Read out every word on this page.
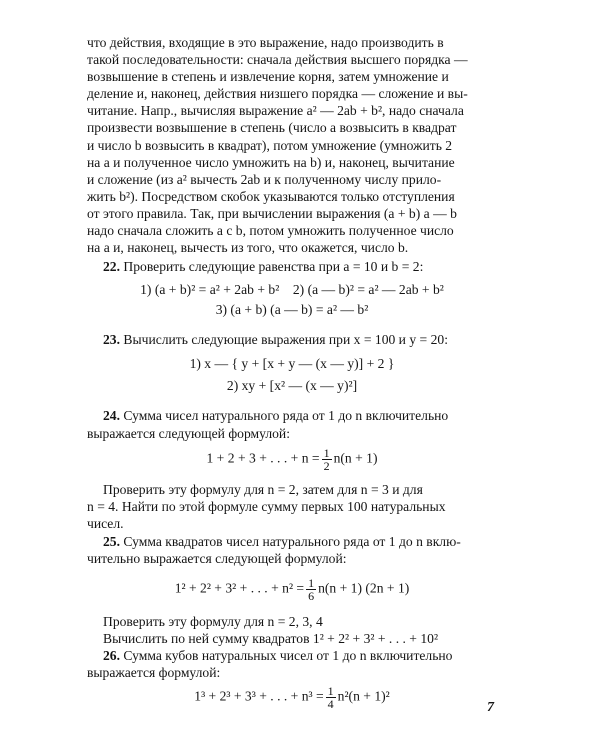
что действия, входящие в это выражение, надо производить в

такой последовательности: сначала действия высшего порядка —

возвышение в степень и извлечение корня, затем умножение и

деление и, наконец, действия низшего порядка — сложение и вы-

читание. Напр., вычисляя выражение a² — 2ab + b², надо сначала

произвести возвышение в степень (число a возвысить в квадрат

и число b возвысить в квадрат), потом умножение (умножить 2

на a и полученное число умножить на b) и, наконец, вычитание

и сложение (из a² вычесть 2ab и к полученному числу прило-

жить b²). Посредством скобок указываются только отступления

от этого правила. Так, при вычислении выражения (a + b) a — b

надо сначала сложить a с b, потом умножить полученное число

на a и, наконец, вычесть из того, что окажется, число b.

22. Проверить следующие равенства при a = 10 и b = 2:

1) (a + b)² = a² + 2ab + b² 2) (a — b)² = a² — 2ab + b²

3) (a + b) (a — b) = a² — b²

23. Вычислить следующие выражения при x = 100 и y = 20:

1) x — { y + [x + y — (x — y)] + 2 }

2) xy + [x² — (x — y)²]

24. Сумма чисел натурального ряда от 1 до n включительно

выражается следующей формулой:

1 + 2 + 3 + . . . + $n = \frac{1}{2} n(n + 1)$

Проверить эту формулу для n = 2, затем для n = 3 и для

n = 4. Найти по этой формуле сумму первых 100 натуральных

чисел.

25. Сумма квадратов чисел натурального ряда от 1 до n вклю-

чительно выражается следующей формулой:

1² + 2² + 3² + . . . + $n^2 = \frac{1}{6} n(n + 1) (2n + 1)$

Проверить эту формулу для n = 2, 3, 4

Вычислить по ней сумму квадратов 1² + 2² + 3² + . . . + 10²

26. Сумма кубов натуральных чисел от 1 до n включительно

выражается формулой:

1³ + 2³ + 3³ + . . . + $n^3 = \frac{1}{4} n^2(n + 1)^2$

7
